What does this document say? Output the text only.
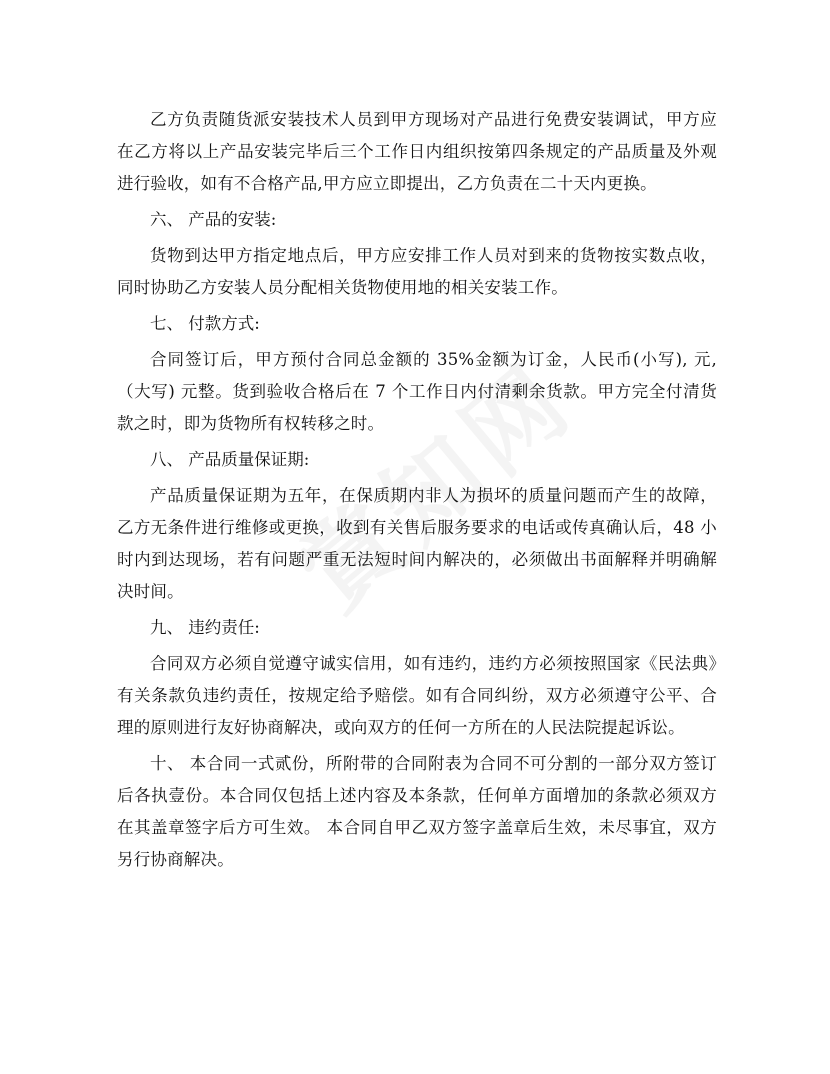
乙方负责随货派安装技术人员到甲方现场对产品进行免费安装调试，甲方应在乙方将以上产品安装完毕后三个工作日内组织按第四条规定的产品质量及外观进行验收，如有不合格产品,甲方应立即提出，乙方负责在二十天内更换。

六、 产品的安装:

货物到达甲方指定地点后，甲方应安排工作人员对到来的货物按实数点收，同时协助乙方安装人员分配相关货物使用地的相关安装工作。

七、 付款方式:

合同签订后，甲方预付合同总金额的 35%金额为订金，人民币(小写), 元,（大写) 元整。货到验收合格后在 7 个工作日内付清剩余货款。甲方完全付清货款之时，即为货物所有权转移之时。

八、 产品质量保证期:

产品质量保证期为五年，在保质期内非人为损坏的质量问题而产生的故障，乙方无条件进行维修或更换，收到有关售后服务要求的电话或传真确认后，48 小时内到达现场，若有问题严重无法短时间内解决的，必须做出书面解释并明确解决时间。

九、 违约责任:

合同双方必须自觉遵守诚实信用，如有违约，违约方必须按照国家《民法典》有关条款负违约责任，按规定给予赔偿。如有合同纠纷，双方必须遵守公平、合理的原则进行友好协商解决，或向双方的任何一方所在的人民法院提起诉讼。

十、 本合同一式贰份，所附带的合同附表为合同不可分割的一部分双方签订后各执壹份。本合同仅包括上述内容及本条款，任何单方面增加的条款必须双方在其盖章签字后方可生效。 本合同自甲乙双方签字盖章后生效，未尽事宜，双方另行协商解决。
